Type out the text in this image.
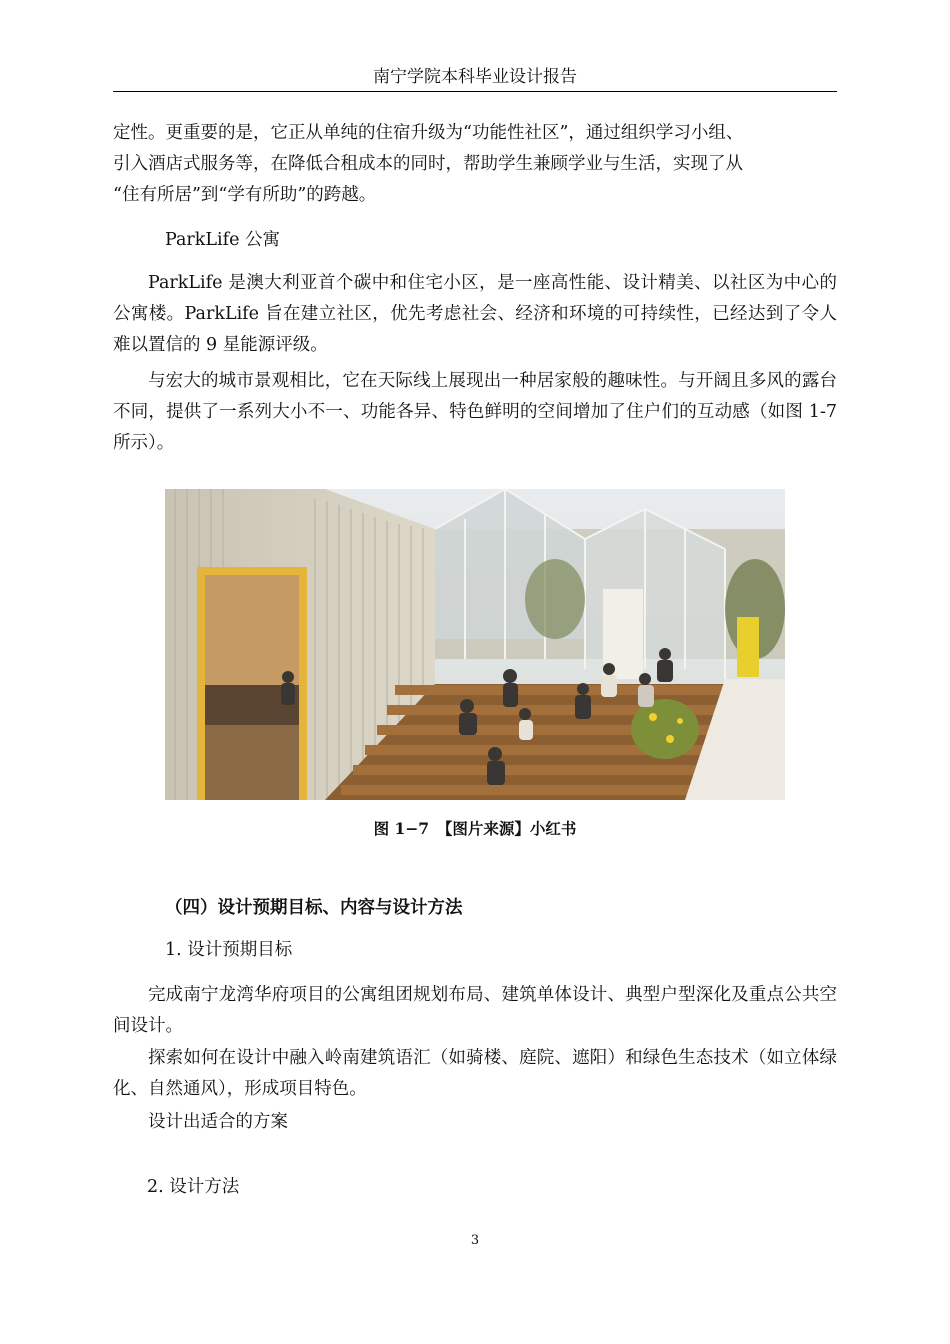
南宁学院本科毕业设计报告
定性。更重要的是，它正从单纯的住宿升级为“功能性社区”，通过组织学习小组、
引入酒店式服务等，在降低合租成本的同时，帮助学生兼顾学业与生活，实现了从
“住有所居”到“学有所助”的跨越。
ParkLife 公寓

ParkLife 是澳大利亚首个碳中和住宅小区，是一座高性能、设计精美、以社区为中心的公寓楼。ParkLife 旨在建立社区，优先考虑社会、经济和环境的可持续性，已经达到了令人难以置信的 9 星能源评级。

与宏大的城市景观相比，它在天际线上展现出一种居家般的趣味性。与开阔且多风的露台不同，提供了一系列大小不一、功能各异、特色鲜明的空间增加了住户们的互动感（如图 1-7 所示）。

图 1−7　【图片来源】小红书
（四）设计预期目标、内容与设计方法
1. 设计预期目标

完成南宁龙湾华府项目的公寓组团规划布局、建筑单体设计、典型户型深化及重点公共空间设计。

探索如何在设计中融入岭南建筑语汇（如骑楼、庭院、遮阳）和绿色生态技术（如立体绿化、自然通风），形成项目特色。

设计出适合的方案

2. 设计方法
3
